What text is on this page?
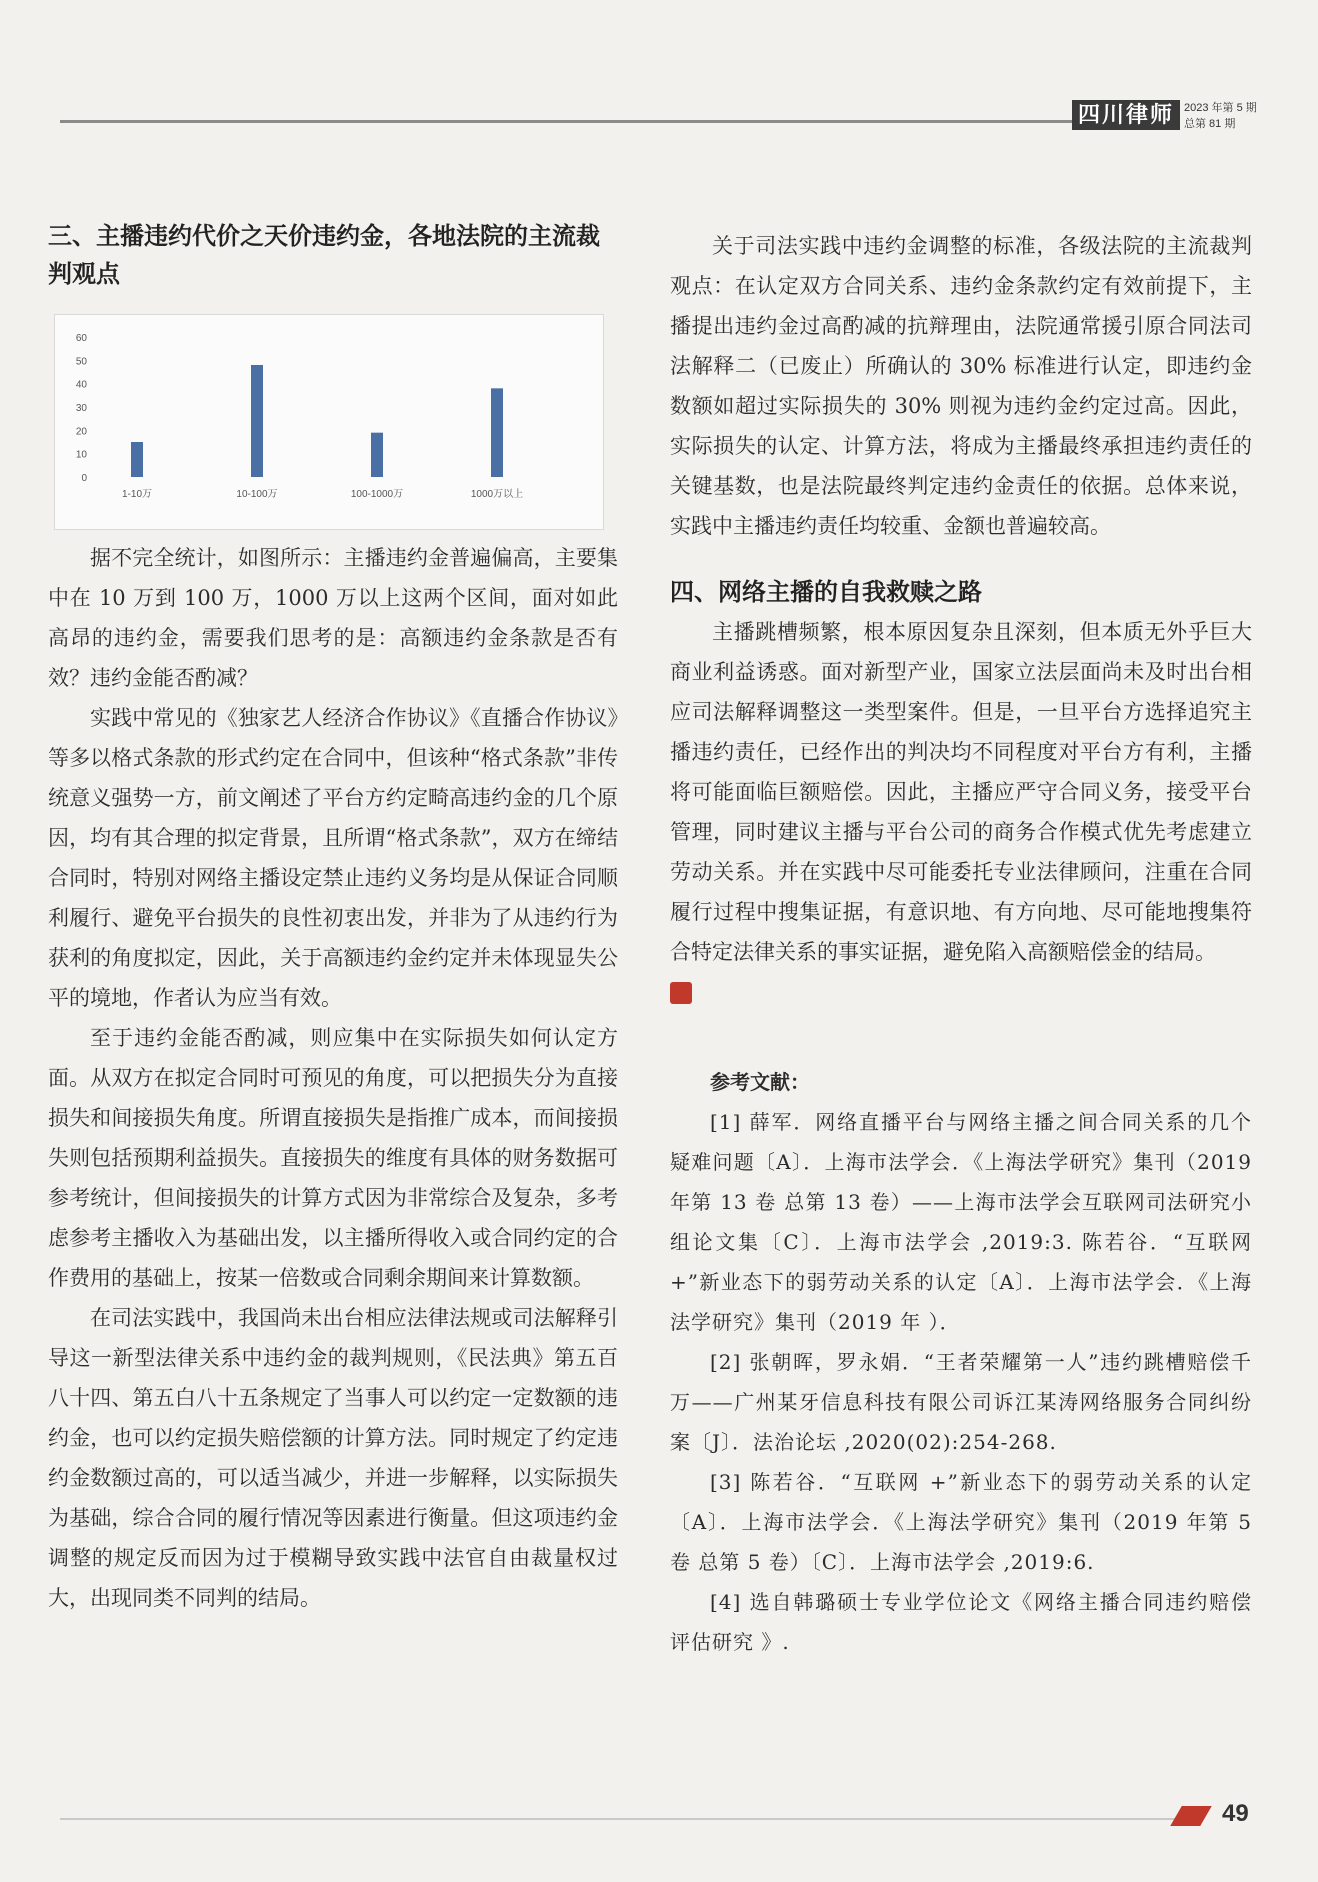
四川律师 2023 年第 5 期
总第 81 期
三、主播违约代价之天价违约金，各地法院的主流裁判观点
0
10
20
30
40
50
60
1-10万	10-100万	100-1000万	1000万以上

据不完全统计，如图所示：主播违约金普遍偏高，主要集中在 10 万到 100 万，1000 万以上这两个区间，面对如此高昂的违约金，需要我们思考的是：高额违约金条款是否有效？违约金能否酌减？

实践中常见的《独家艺人经济合作协议》《直播合作协议》等多以格式条款的形式约定在合同中，但该种“格式条款”非传统意义强势一方，前文阐述了平台方约定畸高违约金的几个原因，均有其合理的拟定背景，且所谓“格式条款”，双方在缔结合同时，特别对网络主播设定禁止违约义务均是从保证合同顺利履行、避免平台损失的良性初衷出发，并非为了从违约行为获利的角度拟定，因此，关于高额违约金约定并未体现显失公平的境地，作者认为应当有效。

至于违约金能否酌减，则应集中在实际损失如何认定方面。从双方在拟定合同时可预见的角度，可以把损失分为直接损失和间接损失角度。所谓直接损失是指推广成本，而间接损失则包括预期利益损失。直接损失的维度有具体的财务数据可参考统计，但间接损失的计算方式因为非常综合及复杂，多考虑参考主播收入为基础出发，以主播所得收入或合同约定的合作费用的基础上，按某一倍数或合同剩余期间来计算数额。

在司法实践中，我国尚未出台相应法律法规或司法解释引导这一新型法律关系中违约金的裁判规则，《民法典》第五百八十四、第五白八十五条规定了当事人可以约定一定数额的违约金，也可以约定损失赔偿额的计算方法。同时规定了约定违约金数额过高的，可以适当减少，并进一步解释，以实际损失为基础，综合合同的履行情况等因素进行衡量。但这项违约金调整的规定反而因为过于模糊导致实践中法官自由裁量权过大，出现同类不同判的结局。

关于司法实践中违约金调整的标准，各级法院的主流裁判观点：在认定双方合同关系、违约金条款约定有效前提下，主播提出违约金过高酌减的抗辩理由，法院通常援引原合同法司法解释二（已废止）所确认的 30% 标准进行认定，即违约金数额如超过实际损失的 30% 则视为违约金约定过高。因此，实际损失的认定、计算方法，将成为主播最终承担违约责任的关键基数，也是法院最终判定违约金责任的依据。总体来说，实践中主播违约责任均较重、金额也普遍较高。

四、网络主播的自我救赎之路

主播跳槽频繁，根本原因复杂且深刻，但本质无外乎巨大商业利益诱惑。面对新型产业，国家立法层面尚未及时出台相应司法解释调整这一类型案件。但是，一旦平台方选择追究主播违约责任，已经作出的判决均不同程度对平台方有利，主播将可能面临巨额赔偿。因此，主播应严守合同义务，接受平台管理，同时建议主播与平台公司的商务合作模式优先考虑建立劳动关系。并在实践中尽可能委托专业法律顾问，注重在合同履行过程中搜集证据，有意识地、有方向地、尽可能地搜集符合特定法律关系的事实证据，避免陷入高额赔偿金的结局。

参考文献：

[1] 薛军．网络直播平台与网络主播之间合同关系的几个疑难问题〔A〕．上海市法学会．《上海法学研究》集刊（2019 年第 13 卷 总第 13 卷）——上海市法学会互联网司法研究小组论文集〔C〕．上海市法学会 ,2019:3. 陈若谷．“互联网 +”新业态下的弱劳动关系的认定〔A〕．上海市法学会．《上海法学研究》集刊（2019 年 ）．

[2] 张朝晖，罗永娟．“王者荣耀第一人”违约跳槽赔偿千万——广州某牙信息科技有限公司诉江某涛网络服务合同纠纷案〔J〕．法治论坛 ,2020(02):254-268.

[3] 陈若谷．“互联网 +”新业态下的弱劳动关系的认定〔A〕．上海市法学会．《上海法学研究》集刊（2019 年第 5 卷 总第 5 卷）〔C〕．上海市法学会 ,2019:6.

[4] 选自韩璐硕士专业学位论文《网络主播合同违约赔偿评估研究 》.

49
